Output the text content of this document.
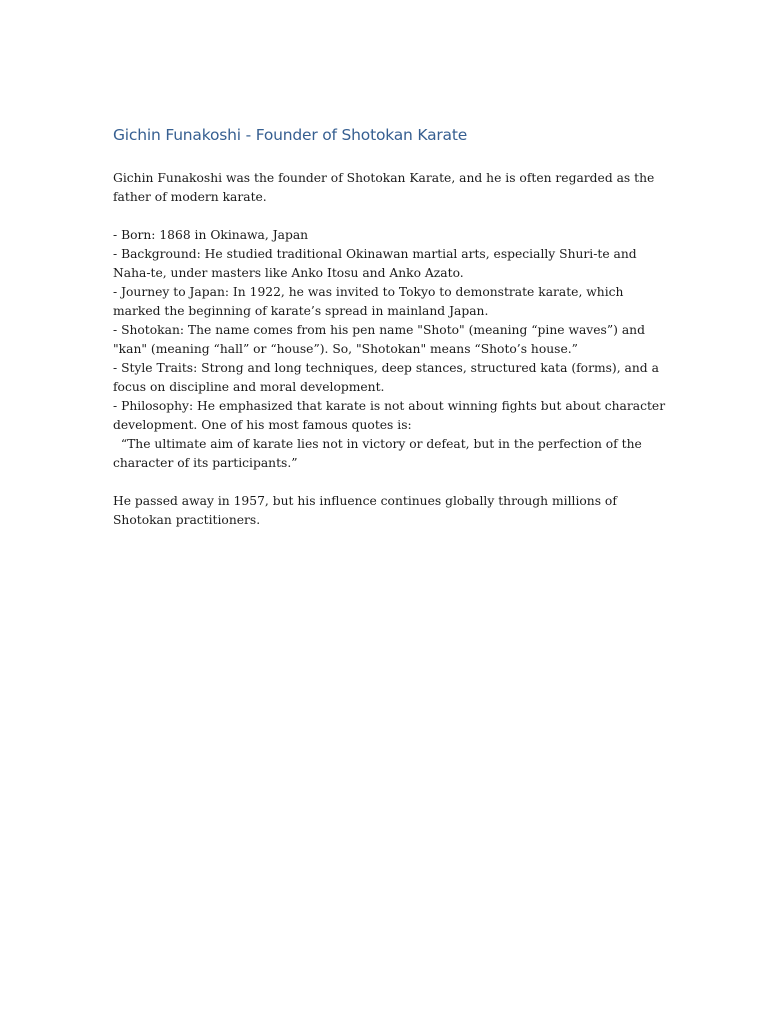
Gichin Funakoshi - Founder of Shotokan Karate

Gichin Funakoshi was the founder of Shotokan Karate, and he is often regarded as the father of modern karate.

- Born: 1868 in Okinawa, Japan

- Background: He studied traditional Okinawan martial arts, especially Shuri-te and Naha-te, under masters like Anko Itosu and Anko Azato.

- Journey to Japan: In 1922, he was invited to Tokyo to demonstrate karate, which marked the beginning of karate’s spread in mainland Japan.

- Shotokan: The name comes from his pen name "Shoto" (meaning “pine waves”) and "kan" (meaning “hall” or “house”). So, "Shotokan" means “Shoto’s house.”

- Style Traits: Strong and long techniques, deep stances, structured kata (forms), and a focus on discipline and moral development.

- Philosophy: He emphasized that karate is not about winning fights but about character development. One of his most famous quotes is:

“The ultimate aim of karate lies not in victory or defeat, but in the perfection of the character of its participants.”

He passed away in 1957, but his influence continues globally through millions of Shotokan practitioners.
